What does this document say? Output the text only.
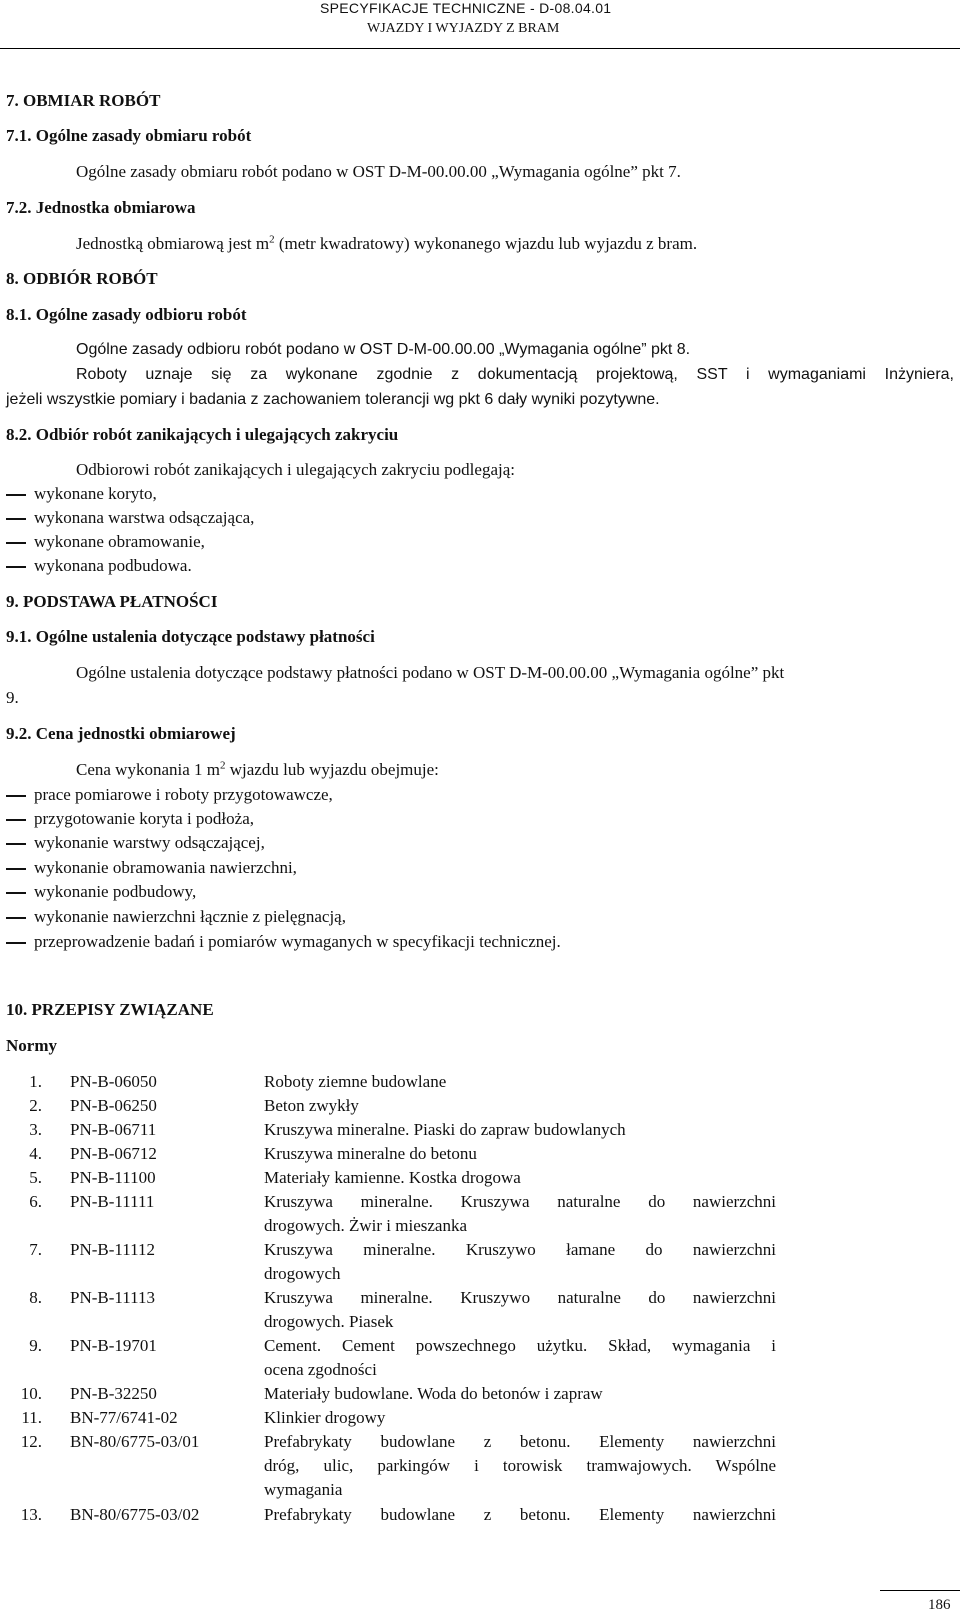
SPECYFIKACJE TECHNICZNE - D-08.04.01
WJAZDY I WYJAZDY Z BRAM
7. OBMIAR ROBÓT
7.1. Ogólne zasady obmiaru robót
Ogólne zasady obmiaru robót podano w OST D-M-00.00.00 „Wymagania ogólne” pkt 7.
7.2. Jednostka obmiarowa
Jednostką obmiarową jest $m^2$ (metr kwadratowy) wykonanego wjazdu lub wyjazdu z bram.
8. ODBIÓR ROBÓT
8.1. Ogólne zasady odbioru robót
Ogólne zasady odbioru robót podano w OST D-M-00.00.00 „Wymagania ogólne” pkt 8.
Roboty uznaje się za wykonane zgodnie z dokumentacją projektową, SST i wymaganiami Inżyniera,
jeżeli wszystkie pomiary i badania z zachowaniem tolerancji wg pkt 6 dały wyniki pozytywne.
8.2. Odbiór robót zanikających i ulegających zakryciu
Odbiorowi robót zanikających i ulegających zakryciu podlegają:
wykonane koryto,
wykonana warstwa odsączająca,
wykonane obramowanie,
wykonana podbudowa.
9. PODSTAWA PŁATNOŚCI
9.1. Ogólne ustalenia dotyczące podstawy płatności
Ogólne ustalenia dotyczące podstawy płatności podano w OST D-M-00.00.00 „Wymagania ogólne” pkt
9.
9.2. Cena jednostki obmiarowej
Cena wykonania 1 $m^2$ wjazdu lub wyjazdu obejmuje:
prace pomiarowe i roboty przygotowawcze,
przygotowanie koryta i podłoża,
wykonanie warstwy odsączającej,
wykonanie obramowania nawierzchni,
wykonanie podbudowy,
wykonanie nawierzchni łącznie z pielęgnacją,
przeprowadzenie badań i pomiarów wymaganych w specyfikacji technicznej.
10. PRZEPISY ZWIĄZANE
Normy
1. PN-B-06050	Roboty ziemne budowlane
2. PN-B-06250	Beton zwykły
3. PN-B-06711	Kruszywa mineralne. Piaski do zapraw budowlanych
4. PN-B-06712	Kruszywa mineralne do betonu
5. PN-B-11100	Materiały kamienne. Kostka drogowa
6. PN-B-11111	Kruszywa mineralne. Kruszywa naturalne do nawierzchni
drogowych. Żwir i mieszanka
7. PN-B-11112	Kruszywa mineralne. Kruszywo łamane do nawierzchni
drogowych
8. PN-B-11113	Kruszywa mineralne. Kruszywo naturalne do nawierzchni
drogowych. Piasek
9. PN-B-19701	Cement. Cement powszechnego użytku. Skład, wymagania i
ocena zgodności
10. PN-B-32250	Materiały budowlane. Woda do betonów i zapraw
11. BN-77/6741-02	Klinkier drogowy
12. BN-80/6775-03/01	Prefabrykaty budowlane z betonu. Elementy nawierzchni
dróg, ulic, parkingów i torowisk tramwajowych. Wspólne
wymagania
13. BN-80/6775-03/02	Prefabrykaty budowlane z betonu. Elementy nawierzchni
186
